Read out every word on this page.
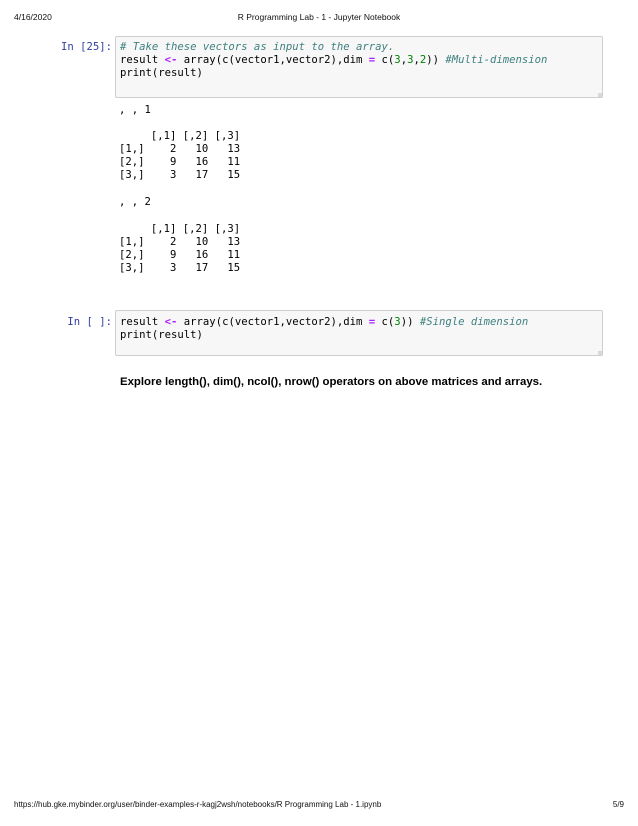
4/16/2020	R Programming Lab - 1 - Jupyter Notebook
In [25]: # Take these vectors as input to the array.
result <- array(c(vector1,vector2),dim = c(3,3,2)) #Multi-dimension
print(result)
, , 1
[,1] [,2] [,3]
[1,]    2   10   13
[2,]    9   16   11
[3,]    3   17   15
, , 2
[,1] [,2] [,3]
[1,]    2   10   13
[2,]    9   16   11
[3,]    3   17   15
In [ ]: result <- array(c(vector1,vector2),dim = c(3)) #Single dimension
print(result)
Explore length(), dim(), ncol(), nrow() operators on above matrices and arrays.
https://hub.gke.mybinder.org/user/binder-examples-r-kagj2wsh/notebooks/R Programming Lab - 1.ipynb	5/9
